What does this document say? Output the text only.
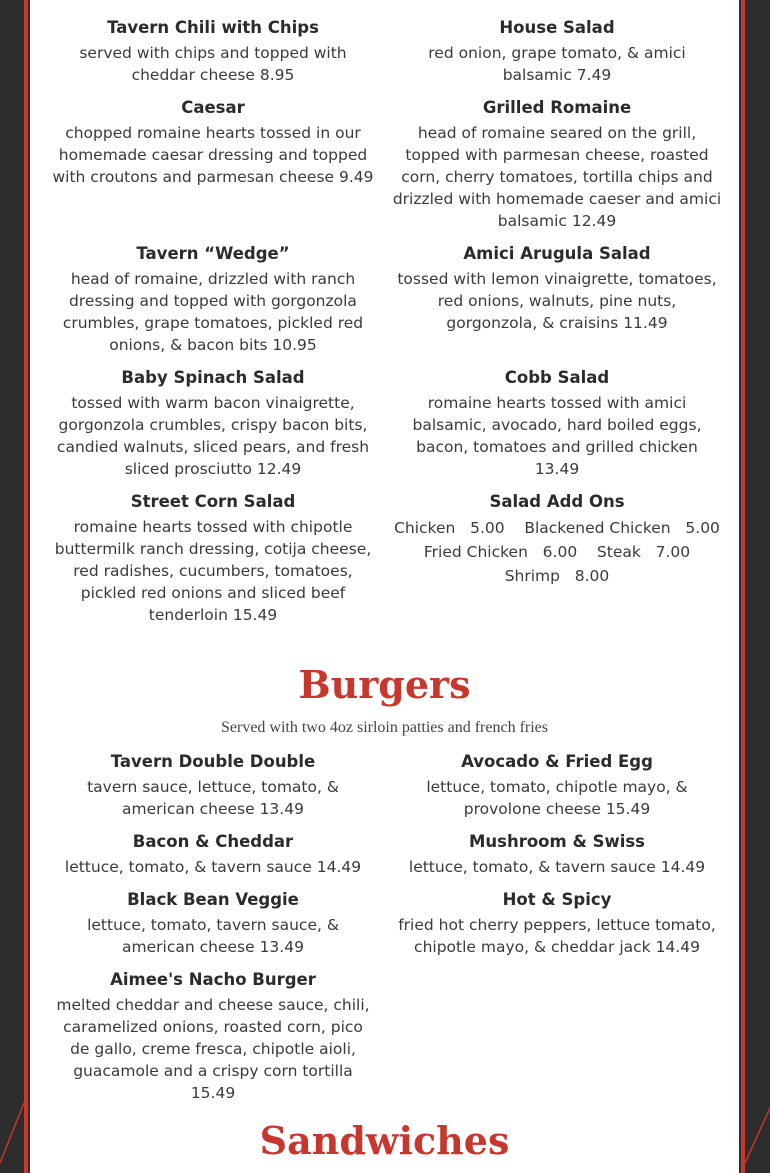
Tavern Chili with Chips
served with chips and topped with cheddar cheese 8.95
House Salad
red onion, grape tomato, & amici balsamic 7.49
Caesar
chopped romaine hearts tossed in our homemade caesar dressing and topped with croutons and parmesan cheese 9.49
Grilled Romaine
head of romaine seared on the grill, topped with parmesan cheese, roasted corn, cherry tomatoes, tortilla chips and drizzled with homemade caeser and amici balsamic 12.49
Tavern “Wedge”
head of romaine, drizzled with ranch dressing and topped with gorgonzola crumbles, grape tomatoes, pickled red onions, & bacon bits 10.95
Amici Arugula Salad
tossed with lemon vinaigrette, tomatoes, red onions, walnuts, pine nuts, gorgonzola, & craisins 11.49
Baby Spinach Salad
tossed with warm bacon vinaigrette, gorgonzola crumbles, crispy bacon bits, candied walnuts, sliced pears, and fresh sliced prosciutto 12.49
Cobb Salad
romaine hearts tossed with amici balsamic, avocado, hard boiled eggs, bacon, tomatoes and grilled chicken 13.49
Street Corn Salad
romaine hearts tossed with chipotle buttermilk ranch dressing, cotija cheese, red radishes, cucumbers, tomatoes, pickled red onions and sliced beef tenderloin 15.49
Salad Add Ons
Chicken   5.00    Blackened Chicken   5.00
Fried Chicken   6.00    Steak   7.00
Shrimp   8.00
Burgers
Served with two 4oz sirloin patties and french fries
Tavern Double Double
tavern sauce, lettuce, tomato, & american cheese 13.49
Avocado & Fried Egg
lettuce, tomato, chipotle mayo, & provolone cheese 15.49
Bacon & Cheddar
lettuce, tomato, & tavern sauce 14.49
Mushroom & Swiss
lettuce, tomato, & tavern sauce 14.49
Black Bean Veggie
lettuce, tomato, tavern sauce, & american cheese 13.49
Hot & Spicy
fried hot cherry peppers, lettuce tomato, chipotle mayo, & cheddar jack 14.49
Aimee's Nacho Burger
melted cheddar and cheese sauce, chili, caramelized onions, roasted corn, pico de gallo, creme fresca, chipotle aioli, guacamole and a crispy corn tortilla 15.49
Sandwiches
